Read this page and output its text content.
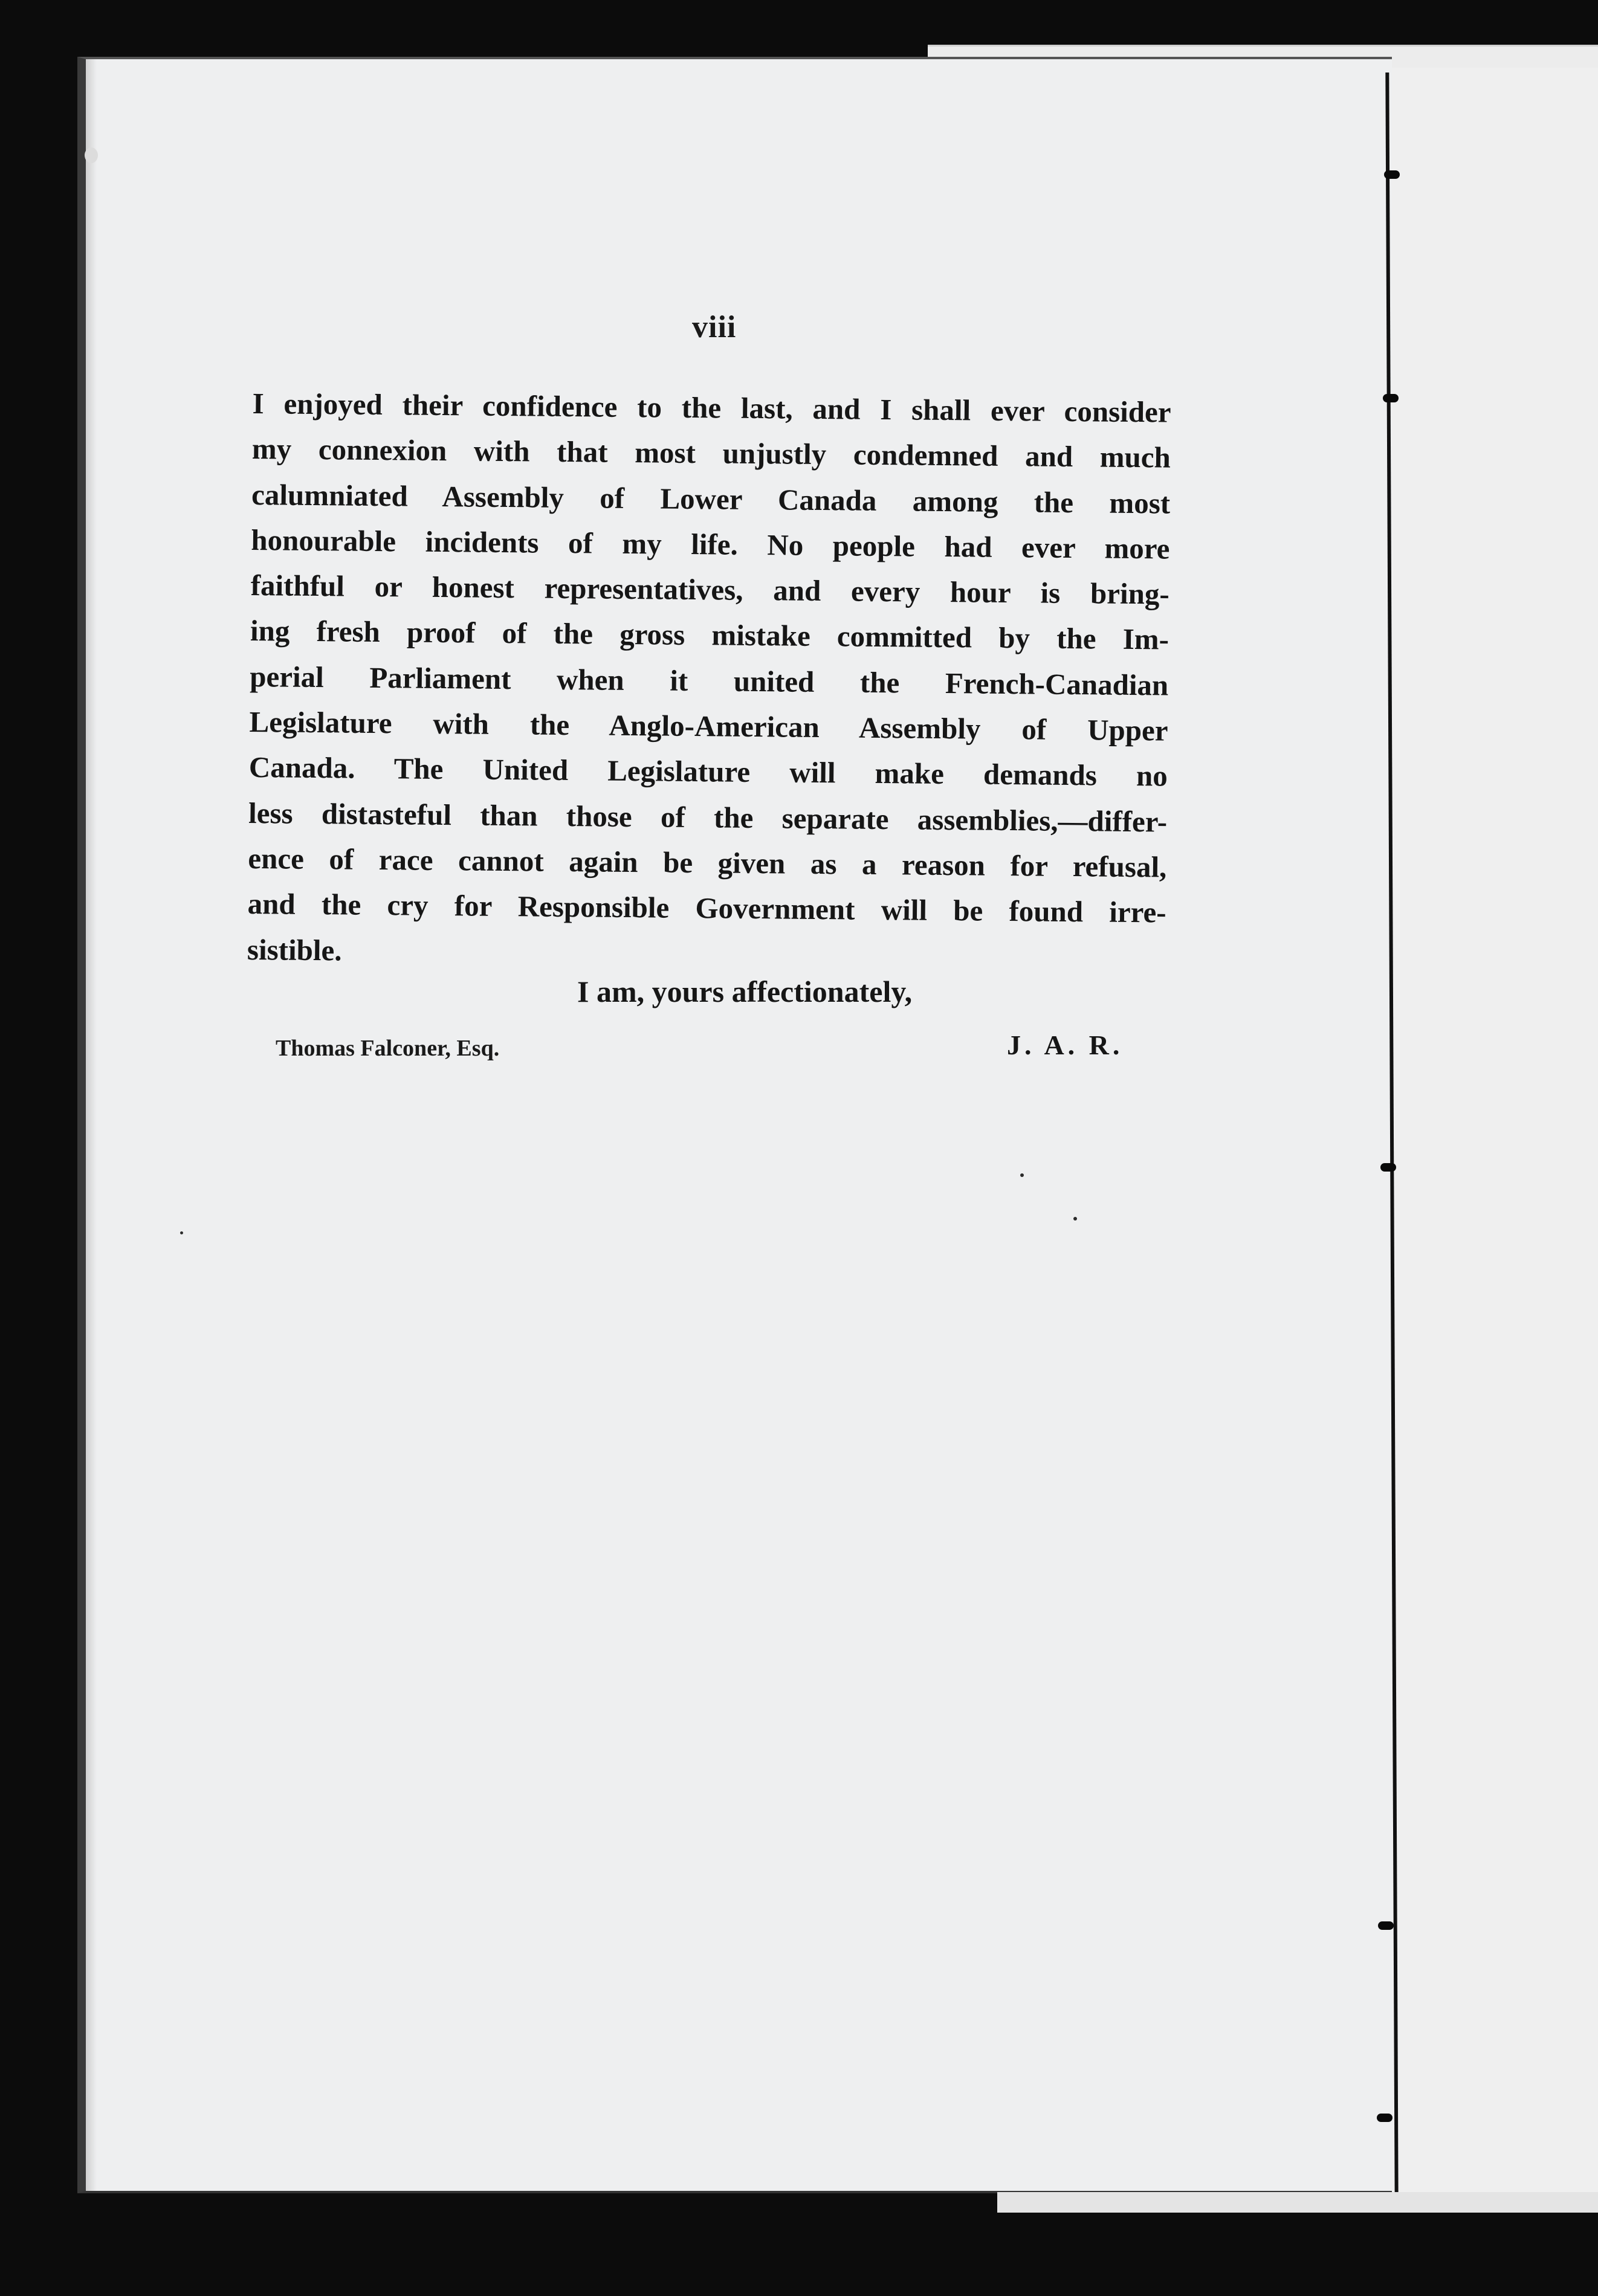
viii
I enjoyed their confidence to the last, and I shall ever consider
my connexion with that most unjustly condemned and much
calumniated Assembly of Lower Canada among the most
honourable incidents of my life. No people had ever more
faithful or honest representatives, and every hour is bring-
ing fresh proof of the gross mistake committed by the Im-
perial Parliament when it united the French-Canadian
Legislature with the Anglo-American Assembly of Upper
Canada. The United Legislature will make demands no
less distasteful than those of the separate assemblies,—differ-
ence of race cannot again be given as a reason for refusal,
and the cry for Responsible Government will be found irre-
sistible.
I am, yours affectionately,
Thomas Falconer, Esq.	J. A. R.
